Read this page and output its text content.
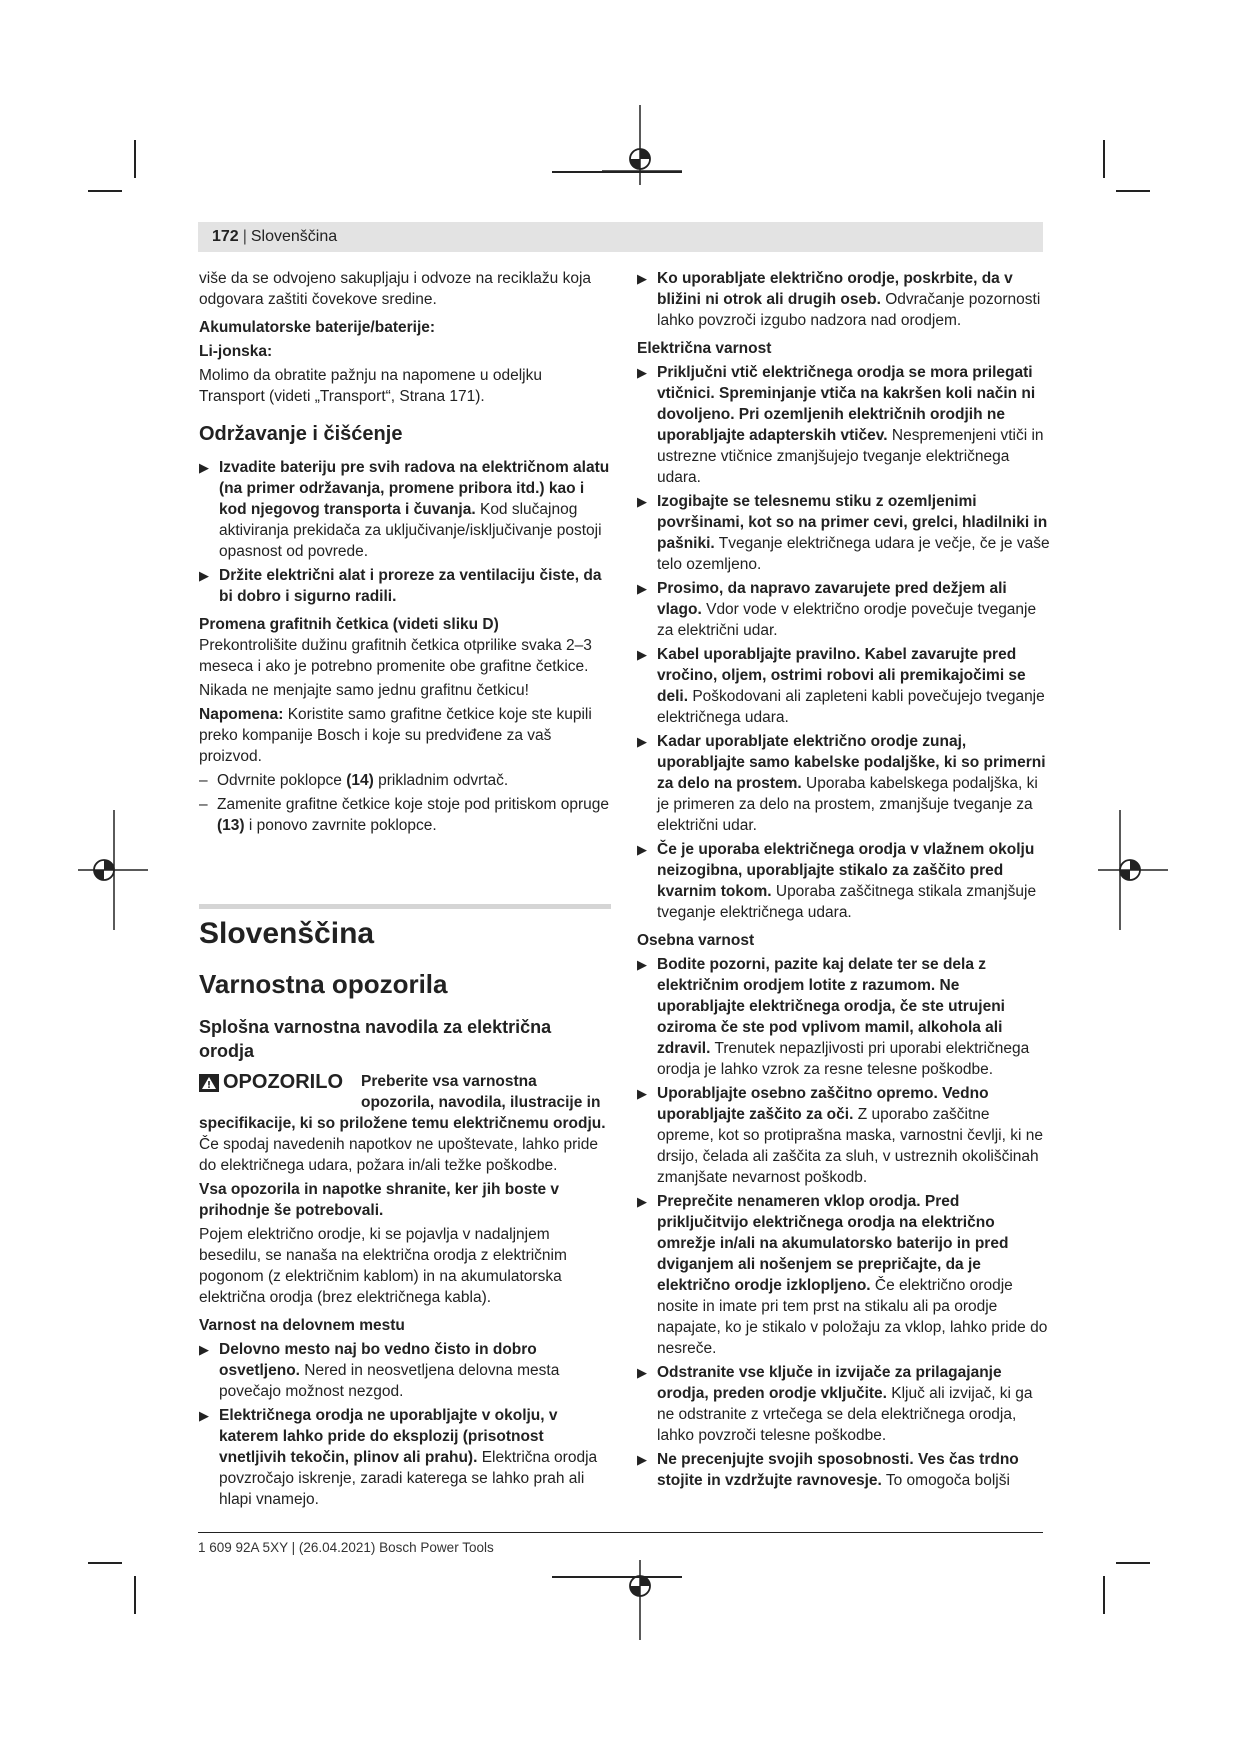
172 | Slovenščina

više da se odvojeno sakupljaju i odvoze na reciklažu koja odgovara zaštiti čovekove sredine.

Akumulatorske baterije/baterije:

Li-jonska:

Molimo da obratite pažnju na napomene u odeljku Transport (videti „Transport“, Strana 171).

Održavanje i čišćenje

▶ Izvadite bateriju pre svih radova na električnom alatu (na primer održavanja, promene pribora itd.) kao i kod njegovog transporta i čuvanja. Kod slučajnog aktiviranja prekidača za uključivanje/isključivanje postoji opasnost od povrede.
▶ Držite električni alat i proreze za ventilaciju čiste, da bi dobro i sigurno radili.

Promena grafitnih četkica (videti sliku D)

Prekontrolišite dužinu grafitnih četkica otprilike svaka 2–3 meseca i ako je potrebno promenite obe grafitne četkice.

Nikada ne menjajte samo jednu grafitnu četkicu!

Napomena: Koristite samo grafitne četkice koje ste kupili preko kompanije Bosch i koje su predviđene za vaš proizvod.

– Odvrnite poklopce (14) prikladnim odvrtač.
– Zamenite grafitne četkice koje stoje pod pritiskom opruge (13) i ponovo zavrnite poklopce.

Slovenščina

Varnostna opozorila

Splošna varnostna navodila za električna orodja

OPOZORILO Preberite vsa varnostna opozorila, navodila, ilustracije in

specifikacije, ki so priložene temu električnemu orodju. Če spodaj navedenih napotkov ne upoštevate, lahko pride do električnega udara, požara in/ali težke poškodbe.

Vsa opozorila in napotke shranite, ker jih boste v prihodnje še potrebovali.

Pojem električno orodje, ki se pojavlja v nadaljnjem besedilu, se nanaša na električna orodja z električnim pogonom (z električnim kablom) in na akumulatorska električna orodja (brez električnega kabla).

Varnost na delovnem mestu

▶ Delovno mesto naj bo vedno čisto in dobro osvetljeno. Nered in neosvetljena delovna mesta povečajo možnost nezgod.
▶ Električnega orodja ne uporabljajte v okolju, v katerem lahko pride do eksplozij (prisotnost vnetljivih tekočin, plinov ali prahu). Električna orodja povzročajo iskrenje, zaradi katerega se lahko prah ali hlapi vnamejo.
▶ Ko uporabljate električno orodje, poskrbite, da v bližini ni otrok ali drugih oseb. Odvračanje pozornosti lahko povzroči izgubo nadzora nad orodjem.

Električna varnost

▶ Priključni vtič električnega orodja se mora prilegati vtičnici. Spreminjanje vtiča na kakršen koli način ni dovoljeno. Pri ozemljenih električnih orodjih ne uporabljajte adapterskih vtičev. Nespremenjeni vtiči in ustrezne vtičnice zmanjšujejo tveganje električnega udara.
▶ Izogibajte se telesnemu stiku z ozemljenimi površinami, kot so na primer cevi, grelci, hladilniki in pašniki. Tveganje električnega udara je večje, če je vaše telo ozemljeno.
▶ Prosimo, da napravo zavarujete pred dežjem ali vlago. Vdor vode v električno orodje povečuje tveganje za električni udar.
▶ Kabel uporabljajte pravilno. Kabel zavarujte pred vročino, oljem, ostrimi robovi ali premikajočimi se deli. Poškodovani ali zapleteni kabli povečujejo tveganje električnega udara.
▶ Kadar uporabljate električno orodje zunaj, uporabljajte samo kabelske podaljške, ki so primerni za delo na prostem. Uporaba kabelskega podaljška, ki je primeren za delo na prostem, zmanjšuje tveganje za električni udar.
▶ Če je uporaba električnega orodja v vlažnem okolju neizogibna, uporabljajte stikalo za zaščito pred kvarnim tokom. Uporaba zaščitnega stikala zmanjšuje tveganje električnega udara.

Osebna varnost

▶ Bodite pozorni, pazite kaj delate ter se dela z električnim orodjem lotite z razumom. Ne uporabljajte električnega orodja, če ste utrujeni oziroma če ste pod vplivom mamil, alkohola ali zdravil. Trenutek nepazljivosti pri uporabi električnega orodja je lahko vzrok za resne telesne poškodbe.
▶ Uporabljajte osebno zaščitno opremo. Vedno uporabljajte zaščito za oči. Z uporabo zaščitne opreme, kot so protiprašna maska, varnostni čevlji, ki ne drsijo, čelada ali zaščita za sluh, v ustreznih okoliščinah zmanjšate nevarnost poškodb.
▶ Preprečite nenameren vklop orodja. Pred priključitvijo električnega orodja na električno omrežje in/ali na akumulatorsko baterijo in pred dviganjem ali nošenjem se prepričajte, da je električno orodje izklopljeno. Če električno orodje nosite in imate pri tem prst na stikalu ali pa orodje napajate, ko je stikalo v položaju za vklop, lahko pride do nesreče.
▶ Odstranite vse ključe in izvijače za prilagajanje orodja, preden orodje vključite. Ključ ali izvijač, ki ga ne odstranite z vrtečega se dela električnega orodja, lahko povzroči telesne poškodbe.
▶ Ne precenjujte svojih sposobnosti. Ves čas trdno stojite in vzdržujte ravnovesje. To omogoča boljši
1 609 92A 5XY | (26.04.2021) Bosch Power Tools
